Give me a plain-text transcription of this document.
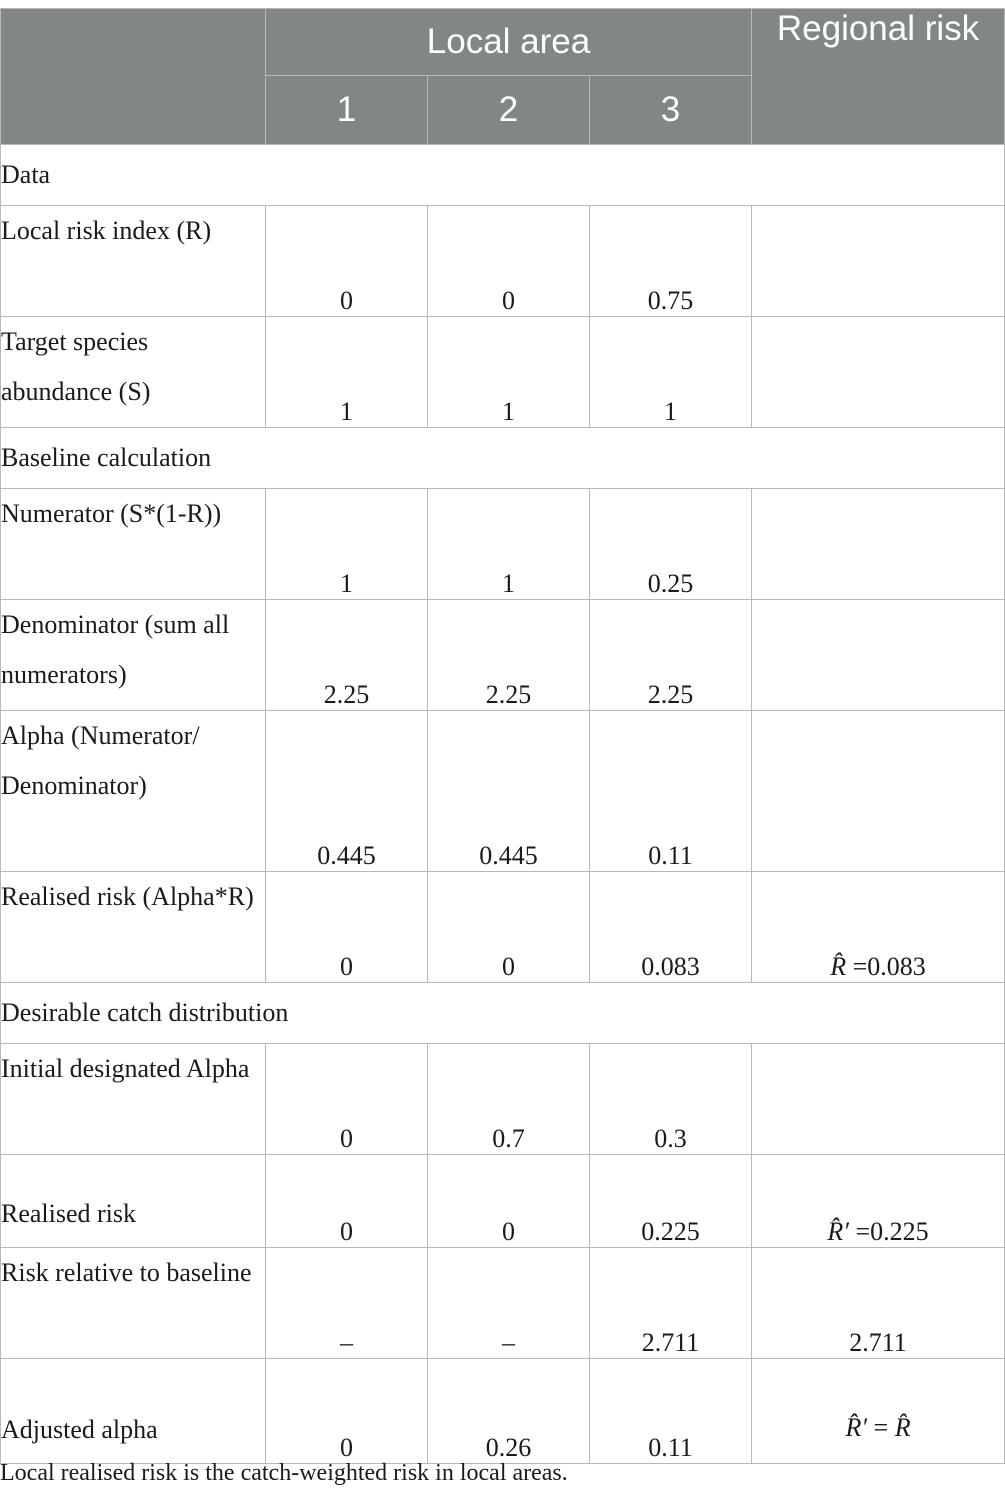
	Local area			Regional risk
	1	2	3	
Data				
Local risk index (R)	0	0	0.75	
Target species abundance (S)	1	1	1	
Baseline calculation				
Numerator (S*(1-R))	1	1	0.25	
Denominator (sum all numerators)	2.25	2.25	2.25	
Alpha (Numerator/ Denominator)	0.445	0.445	0.11	
Realised risk (Alpha*R)	0	0	0.083	R̂ =0.083
Desirable catch distribution				
Initial designated Alpha	0	0.7	0.3	
Realised risk	0	0	0.225	R̂′ =0.225
Risk relative to baseline	–	–	2.711	2.711
Adjusted alpha	0	0.26	0.11	R̂′ = R̂
Local realised risk is the catch-weighted risk in local areas.
